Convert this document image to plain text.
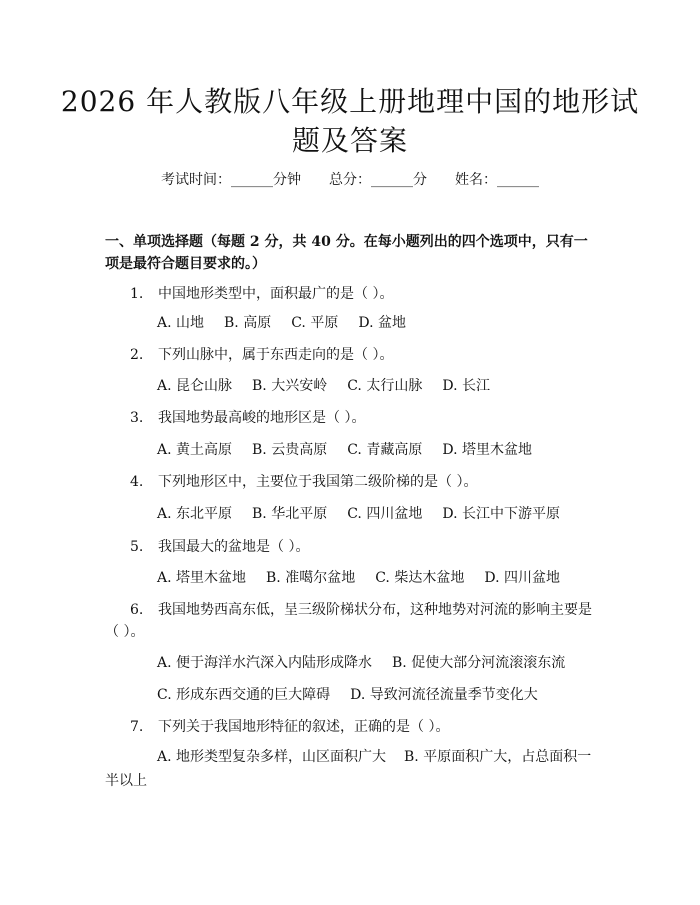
2026 年人教版八年级上册地理中国的地形试
题及答案
考试时间：______分钟 总分：______分 姓名：______

一、单项选择题（每题 2 分，共 40 分。在每小题列出的四个选项中，只有一项是最符合题目要求的。）

1. 中国地形类型中，面积最广的是（ ）。
A. 山地 B. 高原 C. 平原 D. 盆地
2. 下列山脉中，属于东西走向的是（ ）。
A. 昆仑山脉 B. 大兴安岭 C. 太行山脉 D. 长江
3. 我国地势最高峻的地形区是（ ）。
A. 黄土高原 B. 云贵高原 C. 青藏高原 D. 塔里木盆地
4. 下列地形区中，主要位于我国第二级阶梯的是（ ）。
A. 东北平原 B. 华北平原 C. 四川盆地 D. 长江中下游平原
5. 我国最大的盆地是（ ）。
A. 塔里木盆地 B. 准噶尔盆地 C. 柴达木盆地 D. 四川盆地
6. 我国地势西高东低，呈三级阶梯状分布，这种地势对河流的影响主要是（ ）。
A. 便于海洋水汽深入内陆形成降水 B. 促使大部分河流滚滚东流
C. 形成东西交通的巨大障碍 D. 导致河流径流量季节变化大
7. 下列关于我国地形特征的叙述，正确的是（ ）。
A. 地形类型复杂多样，山区面积广大 B. 平原面积广大，占总面积一半以上
